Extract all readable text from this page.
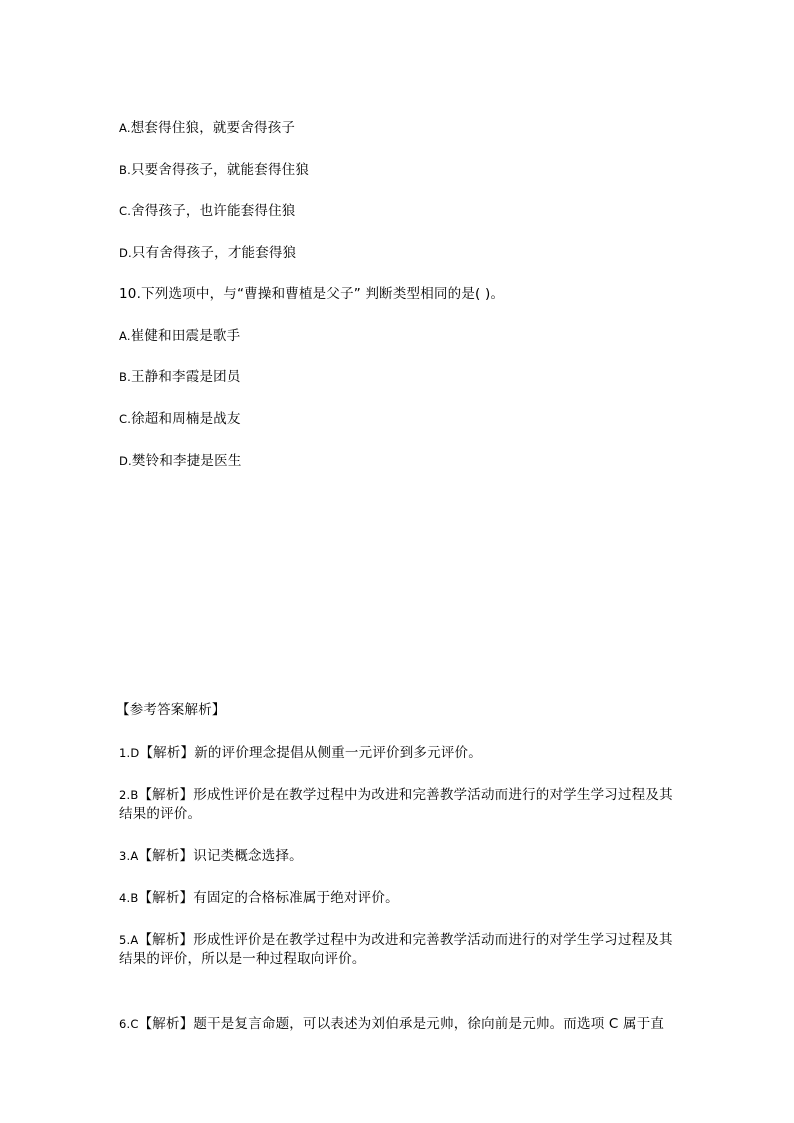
A.想套得住狼，就要舍得孩子
B.只要舍得孩子，就能套得住狼
C.舍得孩子，也许能套得住狼
D.只有舍得孩子，才能套得狼
10.下列选项中，与“曹操和曹植是父子” 判断类型相同的是( )。
A.崔健和田震是歌手
B.王静和李霞是团员
C.徐超和周楠是战友
D.樊铃和李捷是医生
【参考答案解析】
1.D【解析】新的评价理念提倡从侧重一元评价到多元评价。
2.B【解析】形成性评价是在教学过程中为改进和完善教学活动而进行的对学生学习过程及其结果的评价。
3.A【解析】识记类概念选择。
4.B【解析】有固定的合格标准属于绝对评价。
5.A【解析】形成性评价是在教学过程中为改进和完善教学活动而进行的对学生学习过程及其结果的评价，所以是一种过程取向评价。
6.C【解析】题干是复言命题，可以表述为刘伯承是元帅，徐向前是元帅。而选项 C 属于直
